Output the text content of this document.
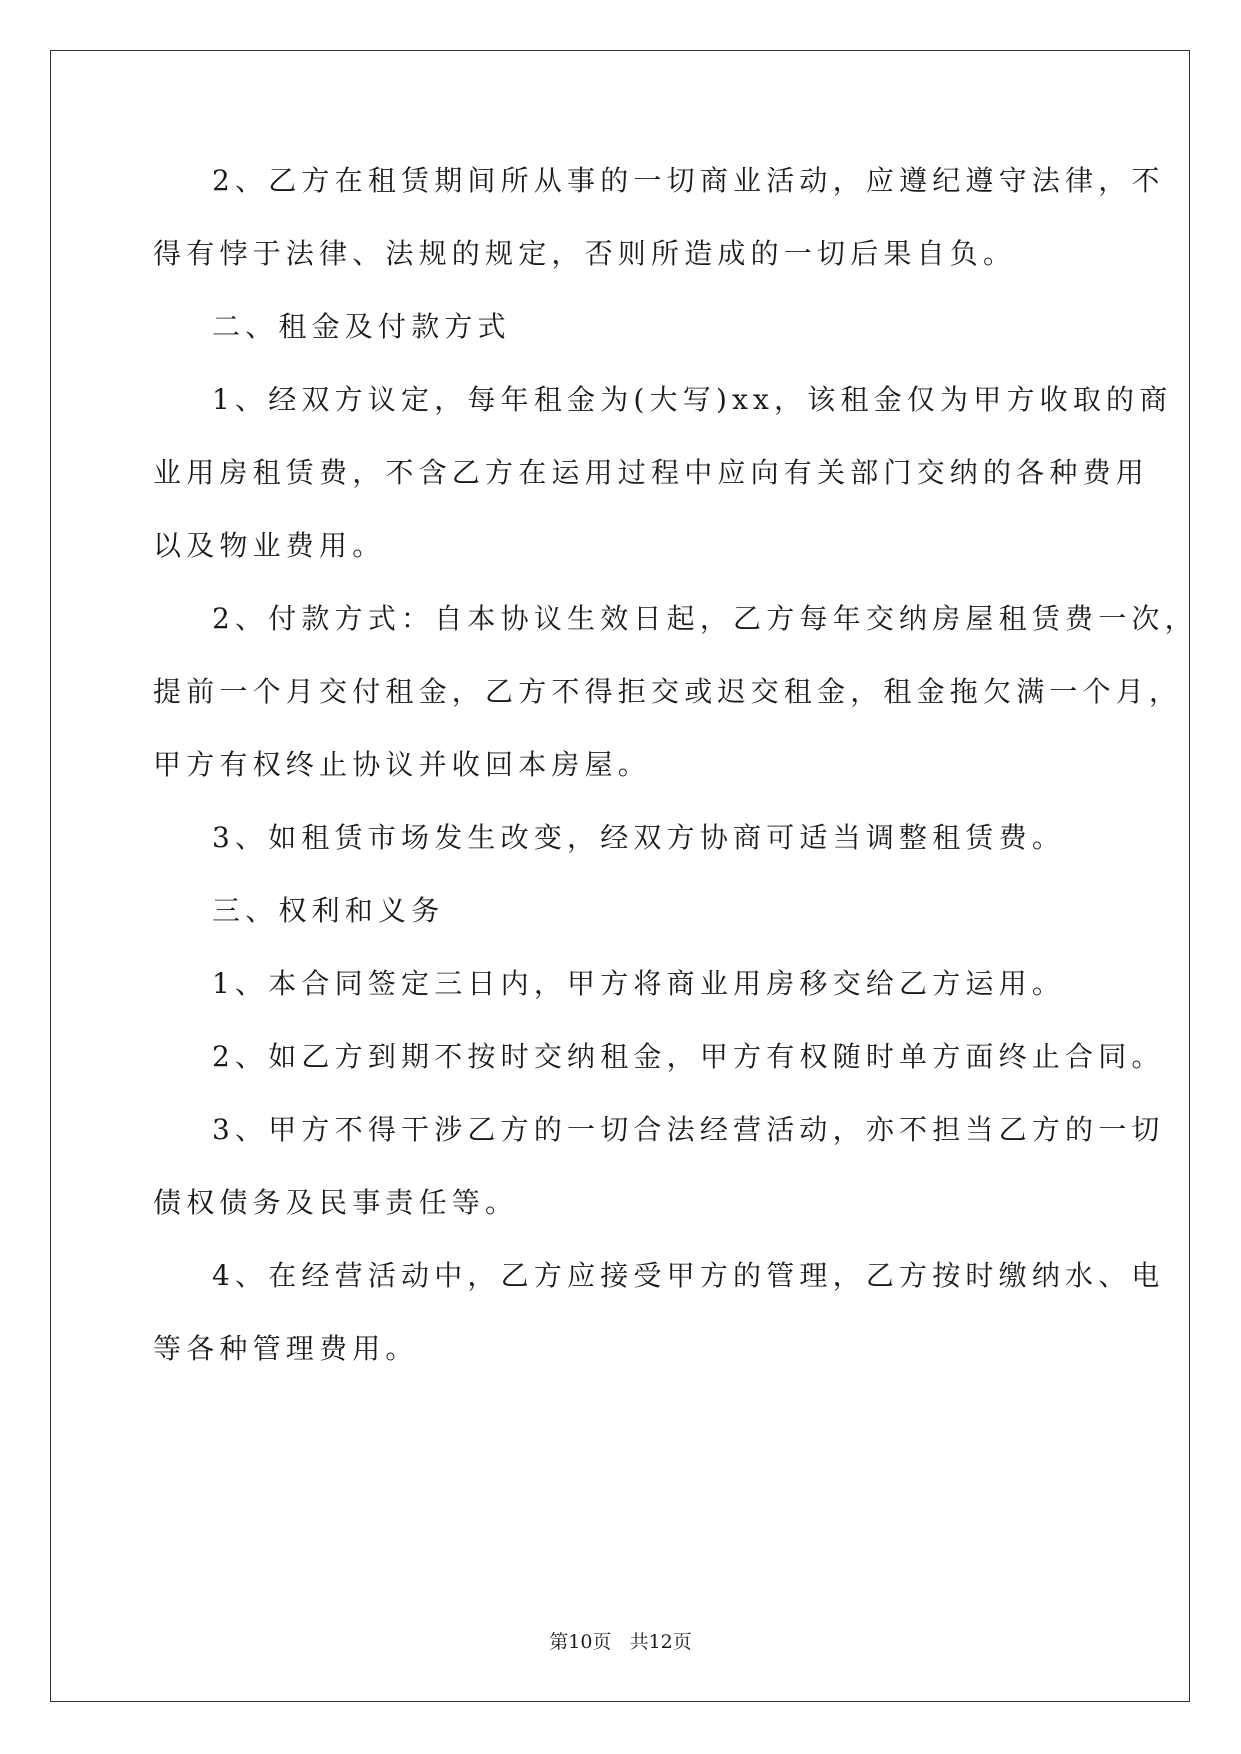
2、乙方在租赁期间所从事的一切商业活动，应遵纪遵守法律，不
得有悖于法律、法规的规定，否则所造成的一切后果自负。
二、租金及付款方式
1、经双方议定，每年租金为(大写)xx，该租金仅为甲方收取的商
业用房租赁费，不含乙方在运用过程中应向有关部门交纳的各种费用
以及物业费用。
2、付款方式：自本协议生效日起，乙方每年交纳房屋租赁费一次，
提前一个月交付租金，乙方不得拒交或迟交租金，租金拖欠满一个月，
甲方有权终止协议并收回本房屋。
3、如租赁市场发生改变，经双方协商可适当调整租赁费。
三、权利和义务
1、本合同签定三日内，甲方将商业用房移交给乙方运用。
2、如乙方到期不按时交纳租金，甲方有权随时单方面终止合同。
3、甲方不得干涉乙方的一切合法经营活动，亦不担当乙方的一切
债权债务及民事责任等。
4、在经营活动中，乙方应接受甲方的管理，乙方按时缴纳水、电
等各种管理费用。
第10页 共12页
